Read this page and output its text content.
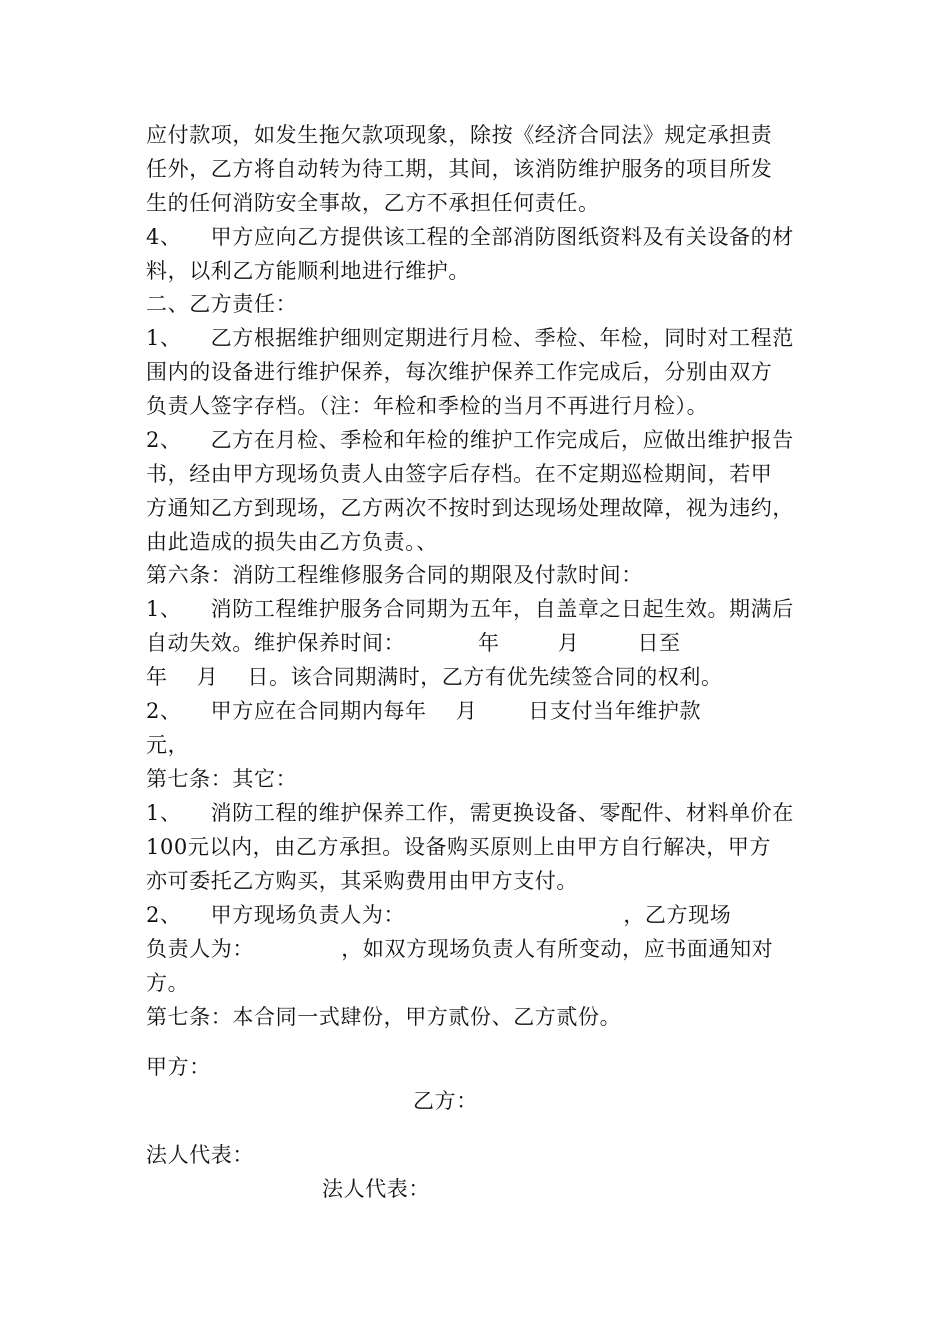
应付款项，如发生拖欠款项现象，除按《经济合同法》规定承担责
任外，乙方将自动转为待工期，其间，该消防维护服务的项目所发
生的任何消防安全事故，乙方不承担任何责任。
4、    甲方应向乙方提供该工程的全部消防图纸资料及有关设备的材
料，以利乙方能顺利地进行维护。
二、乙方责任：
1、    乙方根据维护细则定期进行月检、季检、年检，同时对工程范
围内的设备进行维护保养，每次维护保养工作完成后，分别由双方
负责人签字存档。（注：年检和季检的当月不再进行月检）。
2、    乙方在月检、季检和年检的维护工作完成后，应做出维护报告
书，经由甲方现场负责人由签字后存档。在不定期巡检期间，若甲
方通知乙方到现场，乙方两次不按时到达现场处理故障，视为违约，
由此造成的损失由乙方负责。、
第六条：消防工程维修服务合同的期限及付款时间：
1、    消防工程维护服务合同期为五年，自盖章之日起生效。期满后
自动失效。维护保养时间：          年        月        日至
年    月    日。该合同期满时，乙方有优先续签合同的权利。
2、    甲方应在合同期内每年    月       日支付当年维护款
元，
第七条：其它：
1、    消防工程的维护保养工作，需更换设备、零配件、材料单价在
100元以内，由乙方承担。设备购买原则上由甲方自行解决，甲方
亦可委托乙方购买，其采购费用由甲方支付。
2、    甲方现场负责人为：                              ，乙方现场
负责人为：            ，如双方现场负责人有所变动，应书面通知对
方。
第七条：本合同一式肆份，甲方贰份、乙方贰份。
甲方：
乙方：
法人代表：
法人代表：
